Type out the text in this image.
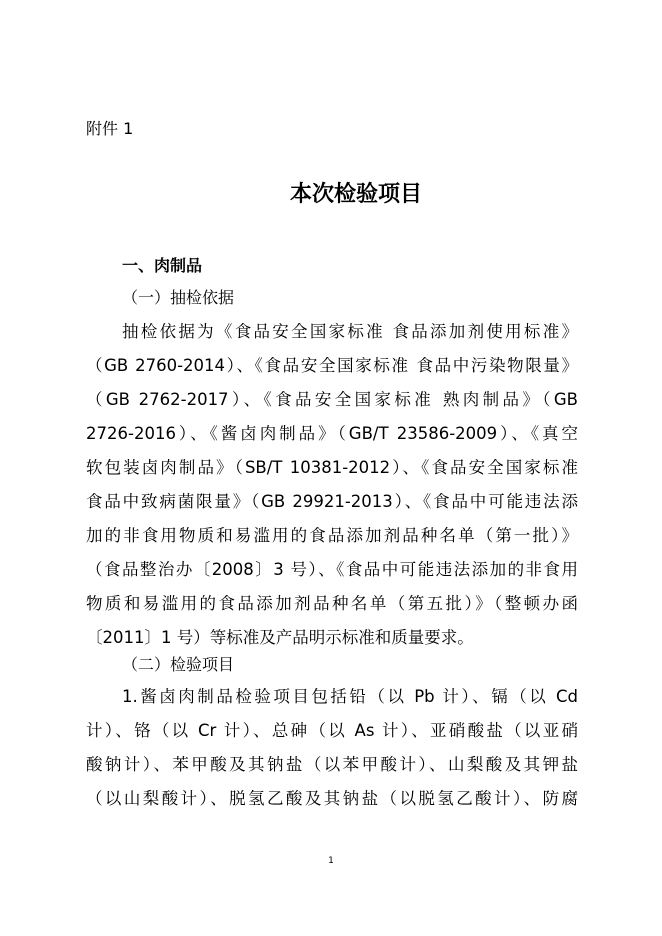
附件 1
本次检验项目
一、肉制品
（一）抽检依据
抽检依据为《食品安全国家标准 食品添加剂使用标准》
（GB 2760-2014）、《食品安全国家标准 食品中污染物限量》
（GB 2762-2017）、《食品安全国家标准 熟肉制品》（GB
2726-2016）、《酱卤肉制品》（GB/T 23586-2009）、《真空
软包装卤肉制品》（SB/T 10381-2012）、《食品安全国家标准
食品中致病菌限量》（GB 29921-2013）、《食品中可能违法添
加的非食用物质和易滥用的食品添加剂品种名单（第一批）》
（食品整治办〔2008〕3 号）、《食品中可能违法添加的非食用
物质和易滥用的食品添加剂品种名单（第五批）》（整顿办函
〔2011〕1 号）等标准及产品明示标准和质量要求。
（二）检验项目
1.酱卤肉制品检验项目包括铅（以 Pb 计）、镉（以 Cd
计）、铬（以 Cr 计）、总砷（以 As 计）、亚硝酸盐（以亚硝
酸钠计）、苯甲酸及其钠盐（以苯甲酸计）、山梨酸及其钾盐
（以山梨酸计）、脱氢乙酸及其钠盐（以脱氢乙酸计）、防腐
1
